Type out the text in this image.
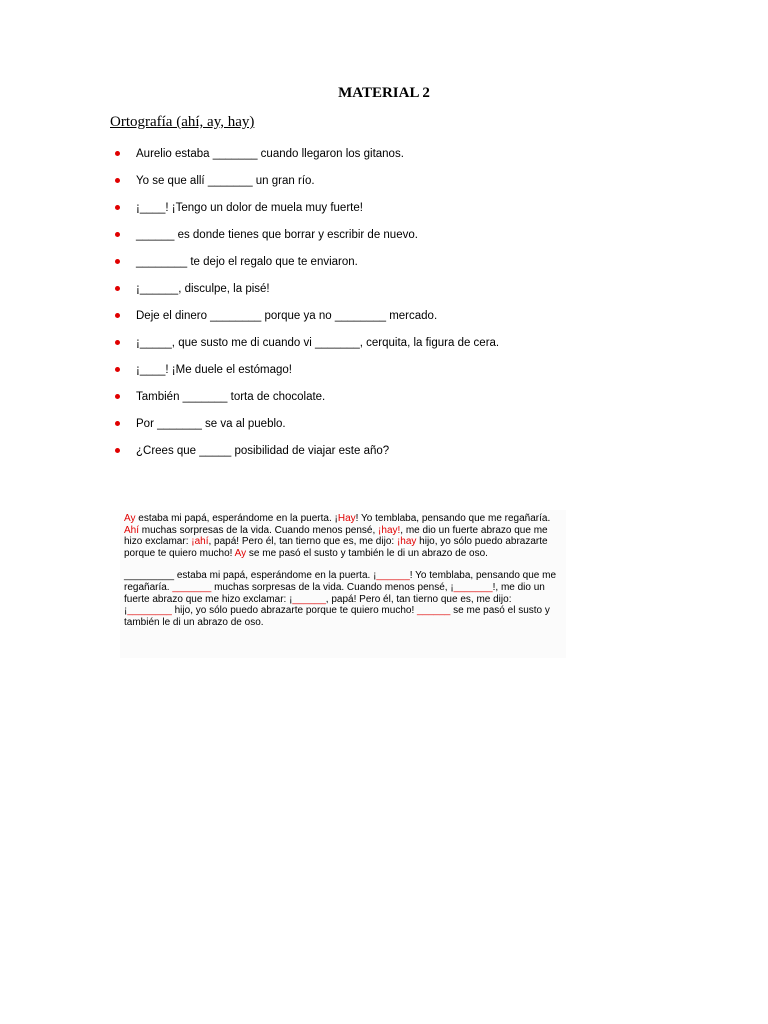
MATERIAL 2
Ortografía (ahí, ay, hay)
Aurelio estaba _______ cuando llegaron los gitanos.
Yo se que allí _______ un gran río.
¡____! ¡Tengo un dolor de muela muy fuerte!
______ es donde tienes que borrar y escribir de nuevo.
________ te dejo el regalo que te enviaron.
¡______, disculpe, la pisé!
Deje el dinero ________ porque ya no ________ mercado.
¡_____, que susto me di cuando vi _______, cerquita, la figura de cera.
¡____! ¡Me duele el estómago!
También _______ torta de chocolate.
Por _______ se va al pueblo.
¿Crees que _____ posibilidad de viajar este año?

Ay estaba mi papá, esperándome en la puerta. ¡Hay! Yo temblaba, pensando que me regañaría. Ahí muchas sorpresas de la vida. Cuando menos pensé, ¡hay!, me dio un fuerte abrazo que me hizo exclamar: ¡ahí, papá! Pero él, tan tierno que es, me dijo: ¡hay hijo, yo sólo puedo abrazarte porque te quiero mucho! Ay se me pasó el susto y también le di un abrazo de oso.

_________ estaba mi papá, esperándome en la puerta. ¡______! Yo temblaba, pensando que me regañaría. _______ muchas sorpresas de la vida. Cuando menos pensé, ¡_______!, me dio un fuerte abrazo que me hizo exclamar: ¡______, papá! Pero él, tan tierno que es, me dijo: ¡________ hijo, yo sólo puedo abrazarte porque te quiero mucho! ______ se me pasó el susto y también le di un abrazo de oso.
